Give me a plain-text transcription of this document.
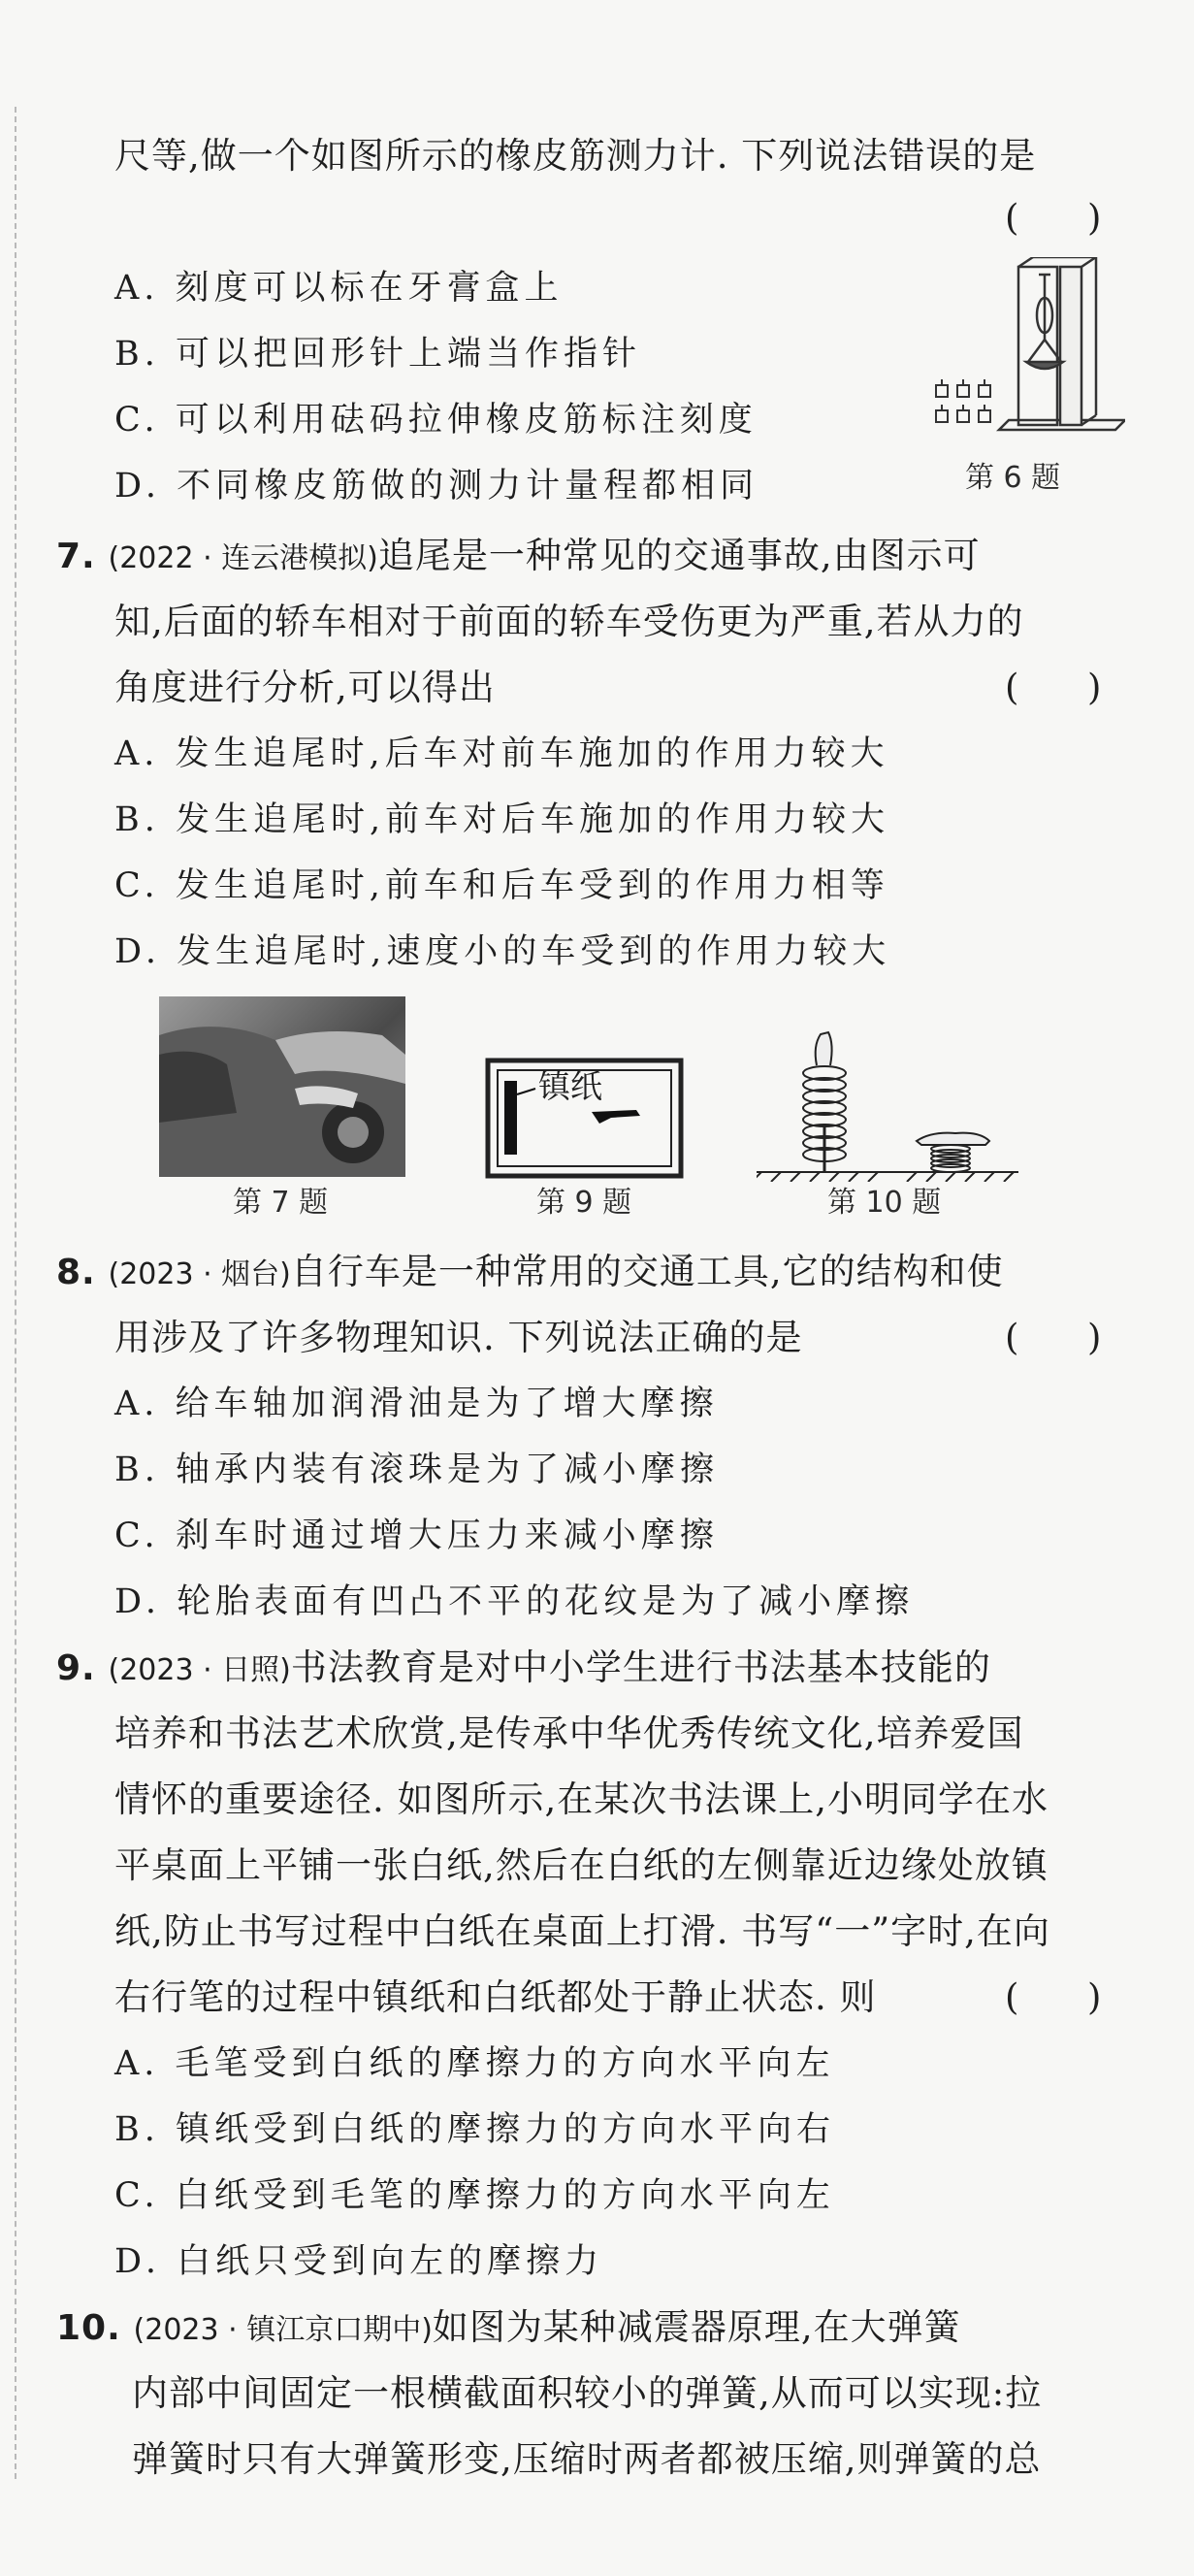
尺等,做一个如图所示的橡皮筋测力计. 下列说法错误的是
(      )
A. 刻度可以标在牙膏盒上
B. 可以把回形针上端当作指针
C. 可以利用砝码拉伸橡皮筋标注刻度
D. 不同橡皮筋做的测力计量程都相同	第 6 题
7. (2022 · 连云港模拟)追尾是一种常见的交通事故,由图示可
知,后面的轿车相对于前面的轿车受伤更为严重,若从力的
角度进行分析,可以得出	(      )
A. 发生追尾时,后车对前车施加的作用力较大
B. 发生追尾时,前车对后车施加的作用力较大
C. 发生追尾时,前车和后车受到的作用力相等
D. 发生追尾时,速度小的车受到的作用力较大
第 7 题
镇纸
第 9 题	第 10 题
8. (2023 · 烟台)自行车是一种常用的交通工具,它的结构和使
用涉及了许多物理知识. 下列说法正确的是	(      )
A. 给车轴加润滑油是为了增大摩擦
B. 轴承内装有滚珠是为了减小摩擦
C. 刹车时通过增大压力来减小摩擦
D. 轮胎表面有凹凸不平的花纹是为了减小摩擦
9. (2023 · 日照)书法教育是对中小学生进行书法基本技能的
培养和书法艺术欣赏,是传承中华优秀传统文化,培养爱国
情怀的重要途径. 如图所示,在某次书法课上,小明同学在水
平桌面上平铺一张白纸,然后在白纸的左侧靠近边缘处放镇
纸,防止书写过程中白纸在桌面上打滑. 书写“一”字时,在向
右行笔的过程中镇纸和白纸都处于静止状态. 则	(      )
A. 毛笔受到白纸的摩擦力的方向水平向左
B. 镇纸受到白纸的摩擦力的方向水平向右
C. 白纸受到毛笔的摩擦力的方向水平向左
D. 白纸只受到向左的摩擦力
10. (2023 · 镇江京口期中)如图为某种减震器原理,在大弹簧
内部中间固定一根横截面积较小的弹簧,从而可以实现:拉
弹簧时只有大弹簧形变,压缩时两者都被压缩,则弹簧的总
